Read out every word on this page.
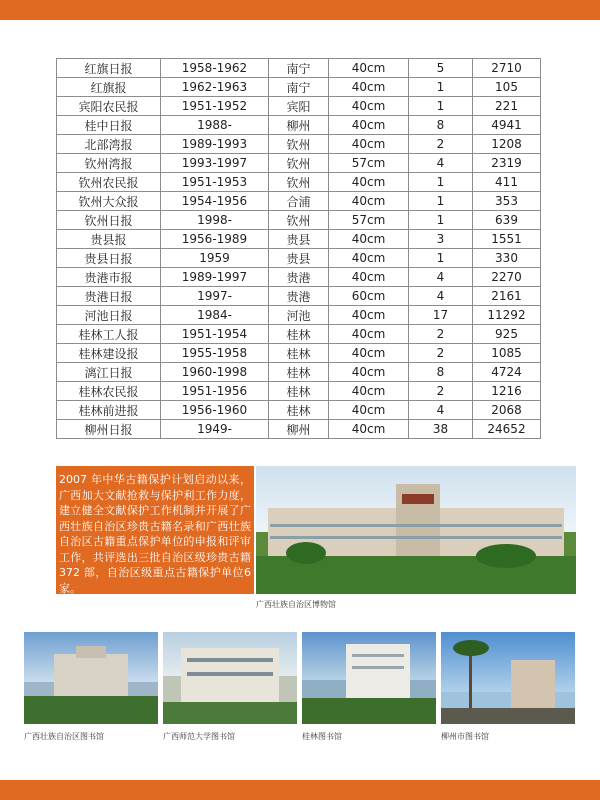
红旗日报	1958-1962	南宁	40cm	5	2710
红旗报	1962-1963	南宁	40cm	1	105
宾阳农民报	1951-1952	宾阳	40cm	1	221
桂中日报	1988-	柳州	40cm	8	4941
北部湾报	1989-1993	钦州	40cm	2	1208
钦州湾报	1993-1997	钦州	57cm	4	2319
钦州农民报	1951-1953	钦州	40cm	1	411
钦州大众报	1954-1956	合浦	40cm	1	353
钦州日报	1998-	钦州	57cm	1	639
贵县报	1956-1989	贵县	40cm	3	1551
贵县日报	1959	贵县	40cm	1	330
贵港市报	1989-1997	贵港	40cm	4	2270
贵港日报	1997-	贵港	60cm	4	2161
河池日报	1984-	河池	40cm	17	11292
桂林工人报	1951-1954	桂林	40cm	2	925
桂林建设报	1955-1958	桂林	40cm	2	1085
漓江日报	1960-1998	桂林	40cm	8	4724
桂林农民报	1951-1956	桂林	40cm	2	1216
桂林前进报	1956-1960	桂林	40cm	4	2068
柳州日报	1949-	柳州	40cm	38	24652
2007 年中华古籍保护计划启动以来，广西加大文献抢救与保护利工作力度，建立健全文献保护工作机制并开展了广西壮族自治区珍贵古籍名录和广西壮族自治区古籍重点保护单位的申报和评审工作，共评选出三批自治区级珍贵古籍372 部，自治区级重点古籍保护单位6家。
广西壮族自治区博物馆
广西壮族自治区图书馆	广西师范大学图书馆	桂林图书馆	柳州市图书馆
